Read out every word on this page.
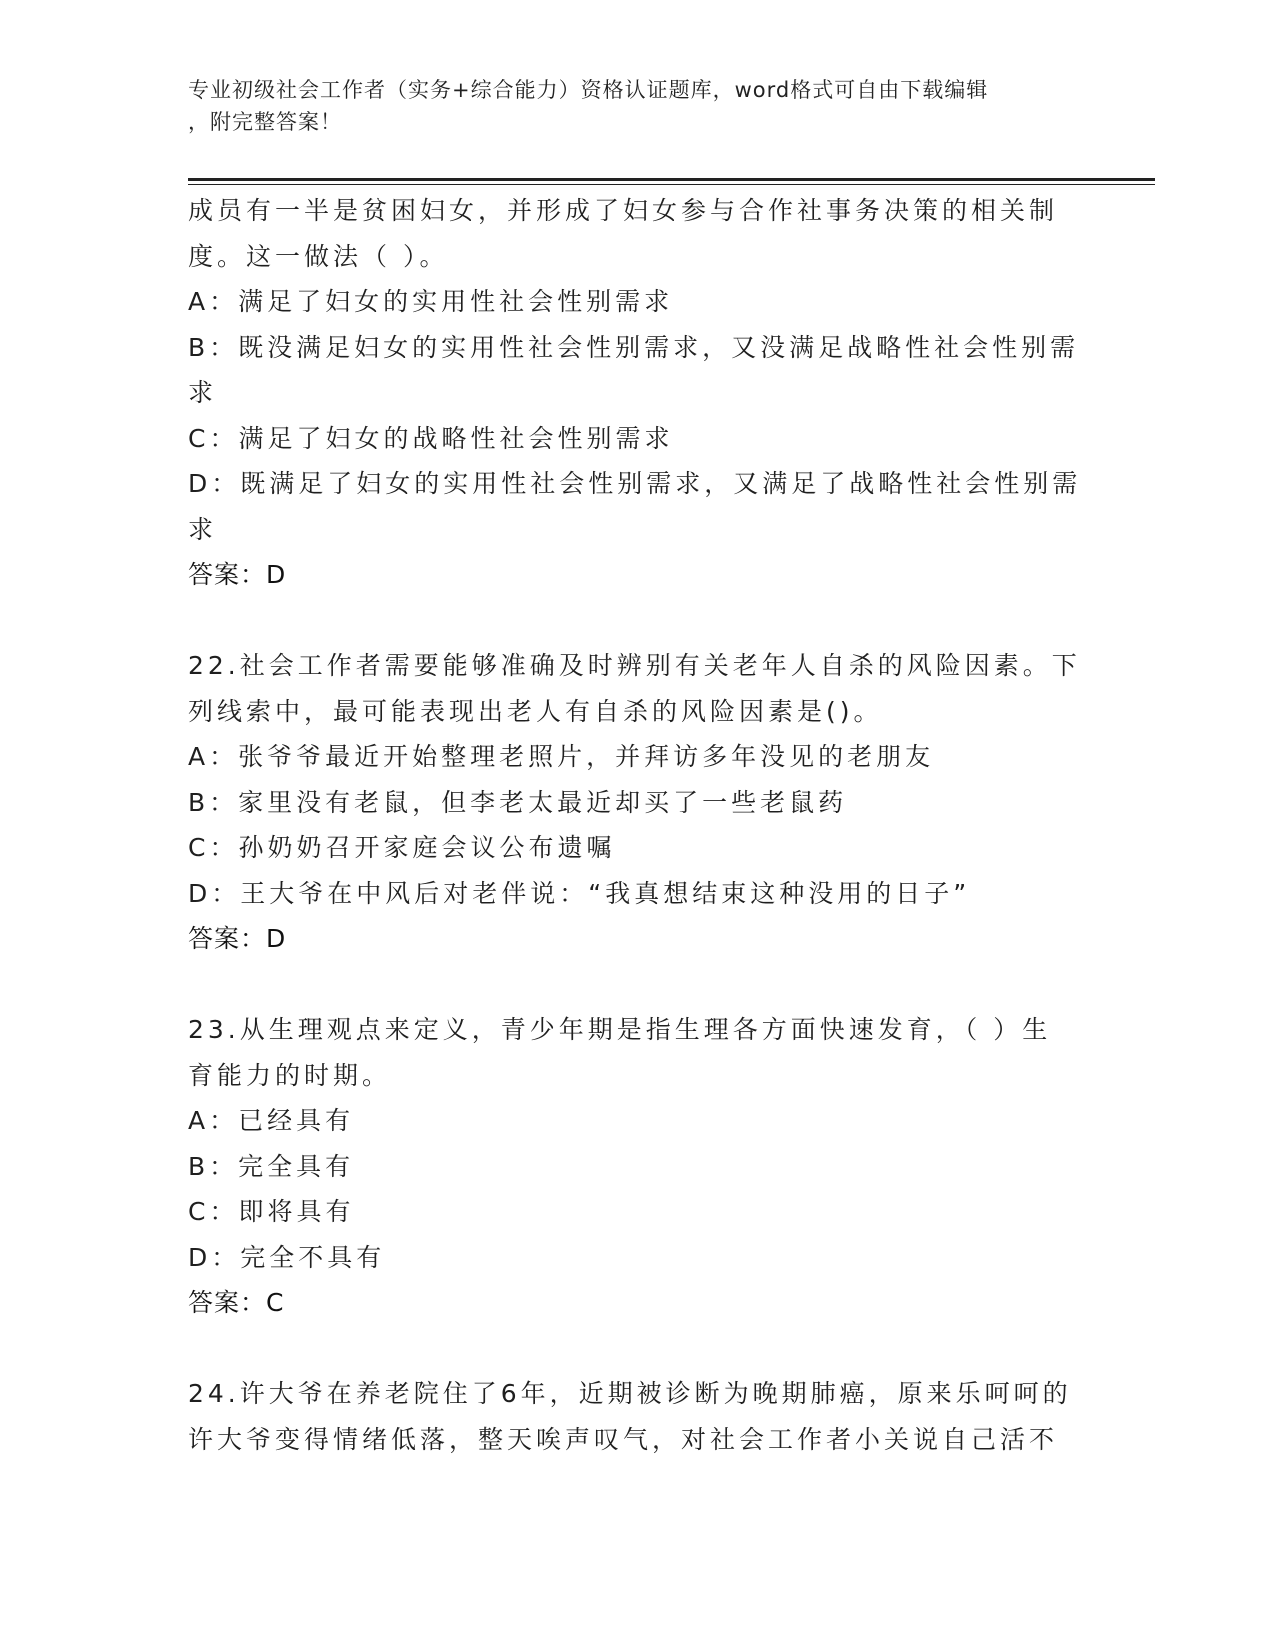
专业初级社会工作者（实务+综合能力）资格认证题库，word格式可自由下载编辑
，附完整答案！
成员有一半是贫困妇女，并形成了妇女参与合作社事务决策的相关制
度。这一做法（ ）。
A：满足了妇女的实用性社会性别需求
B：既没满足妇女的实用性社会性别需求，又没满足战略性社会性别需
求
C：满足了妇女的战略性社会性别需求
D：既满足了妇女的实用性社会性别需求，又满足了战略性社会性别需
求
答案：D
22.社会工作者需要能够准确及时辨别有关老年人自杀的风险因素。下
列线索中，最可能表现出老人有自杀的风险因素是()。
A：张爷爷最近开始整理老照片，并拜访多年没见的老朋友
B：家里没有老鼠，但李老太最近却买了一些老鼠药
C：孙奶奶召开家庭会议公布遗嘱
D：王大爷在中风后对老伴说：“我真想结束这种没用的日子”
答案：D
23.从生理观点来定义，青少年期是指生理各方面快速发育，（ ）生
育能力的时期。
A：已经具有
B：完全具有
C：即将具有
D：完全不具有
答案：C
24.许大爷在养老院住了6年，近期被诊断为晚期肺癌，原来乐呵呵的
许大爷变得情绪低落，整天唉声叹气，对社会工作者小关说自己活不
